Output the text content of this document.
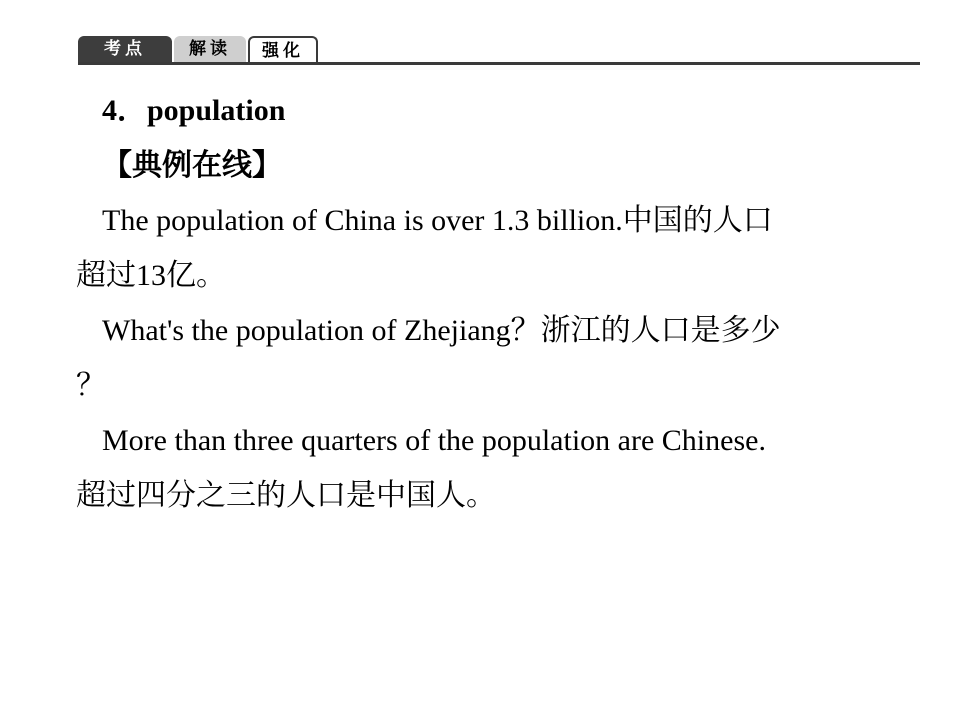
考点	解读	强化
4．population
【典例在线】
The population of China is over 1.3 billion.中国的人口
超过13亿。
What's the population of Zhejiang？浙江的人口是多少
？
More than three quarters of the population are Chinese.
超过四分之三的人口是中国人。
